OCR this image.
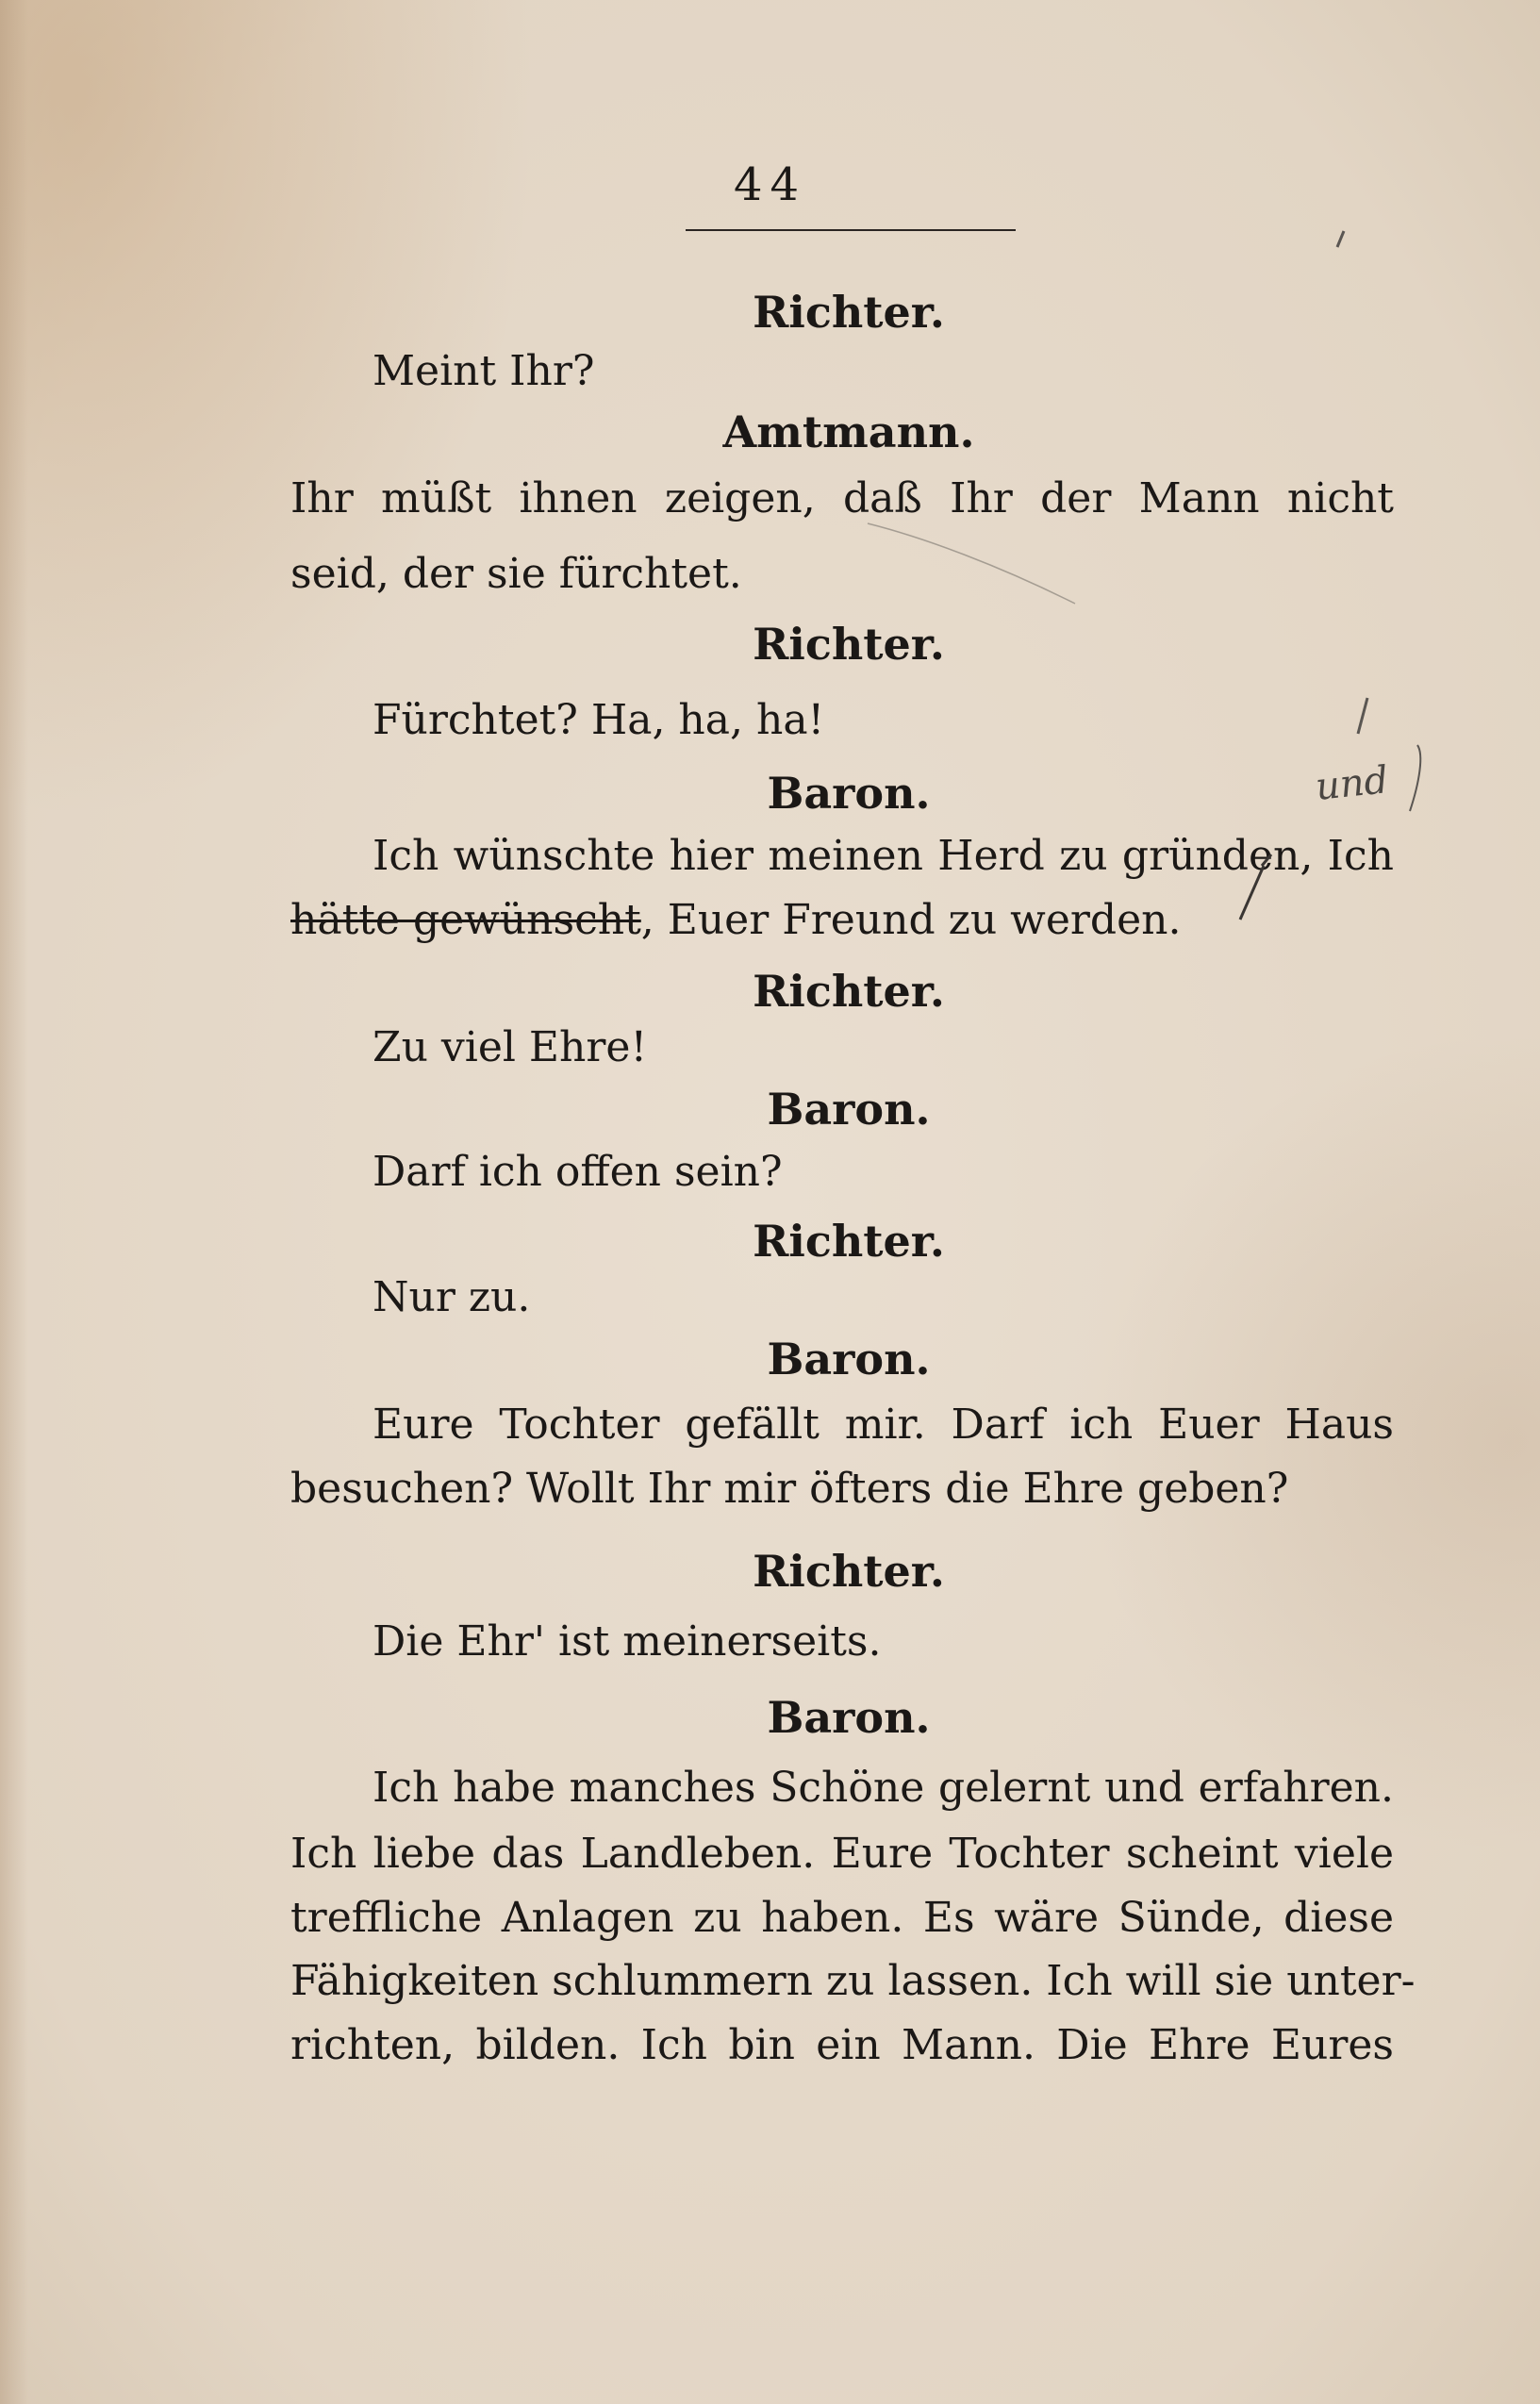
44
Richter.
Meint Ihr?
Amtmann.
Ihr müßt ihnen zeigen, daß Ihr der Mann nicht
seid, der sie fürchtet.
Richter.
Fürchtet? Ha, ha, ha!
Baron.
Ich wünschte hier meinen Herd zu gründen, Ich
hätte gewünscht, Euer Freund zu werden.
Richter.
Zu viel Ehre!
Baron.
Darf ich offen sein?
Richter.
Nur zu.
Baron.
Eure Tochter gefällt mir. Darf ich Euer Haus
besuchen? Wollt Ihr mir öfters die Ehre geben?
Richter.
Die Ehr' ist meinerseits.
Baron.
Ich habe manches Schöne gelernt und erfahren.
Ich liebe das Landleben. Eure Tochter scheint viele
treffliche Anlagen zu haben. Es wäre Sünde, diese
Fähigkeiten schlummern zu lassen. Ich will sie unter-
richten, bilden. Ich bin ein Mann. Die Ehre Eures
und
